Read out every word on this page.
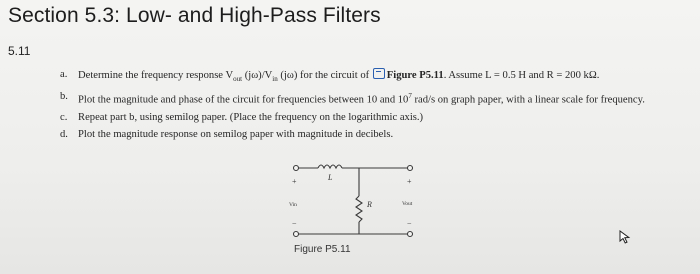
Section 5.3: Low- and High-Pass Filters
5.11
a.	Determine the frequency response $V_{out}$ $(j\omega)/V_{in}$ (jω) for the circuit of Figure P5.11. Assume L = 0.5 H and R = 200 kΩ.
b. Plot the magnitude and phase of the circuit for frequencies between 10 and $10^7$ rad/s on graph paper, with a linear scale for frequency.
c.	Repeat part b, using semilog paper. (Place the frequency on the logarithmic axis.)
d. Plot the magnitude response on semilog paper with magnitude in decibels.
L
R
+
−
+
−
Vin	Vout
Figure P5.11
